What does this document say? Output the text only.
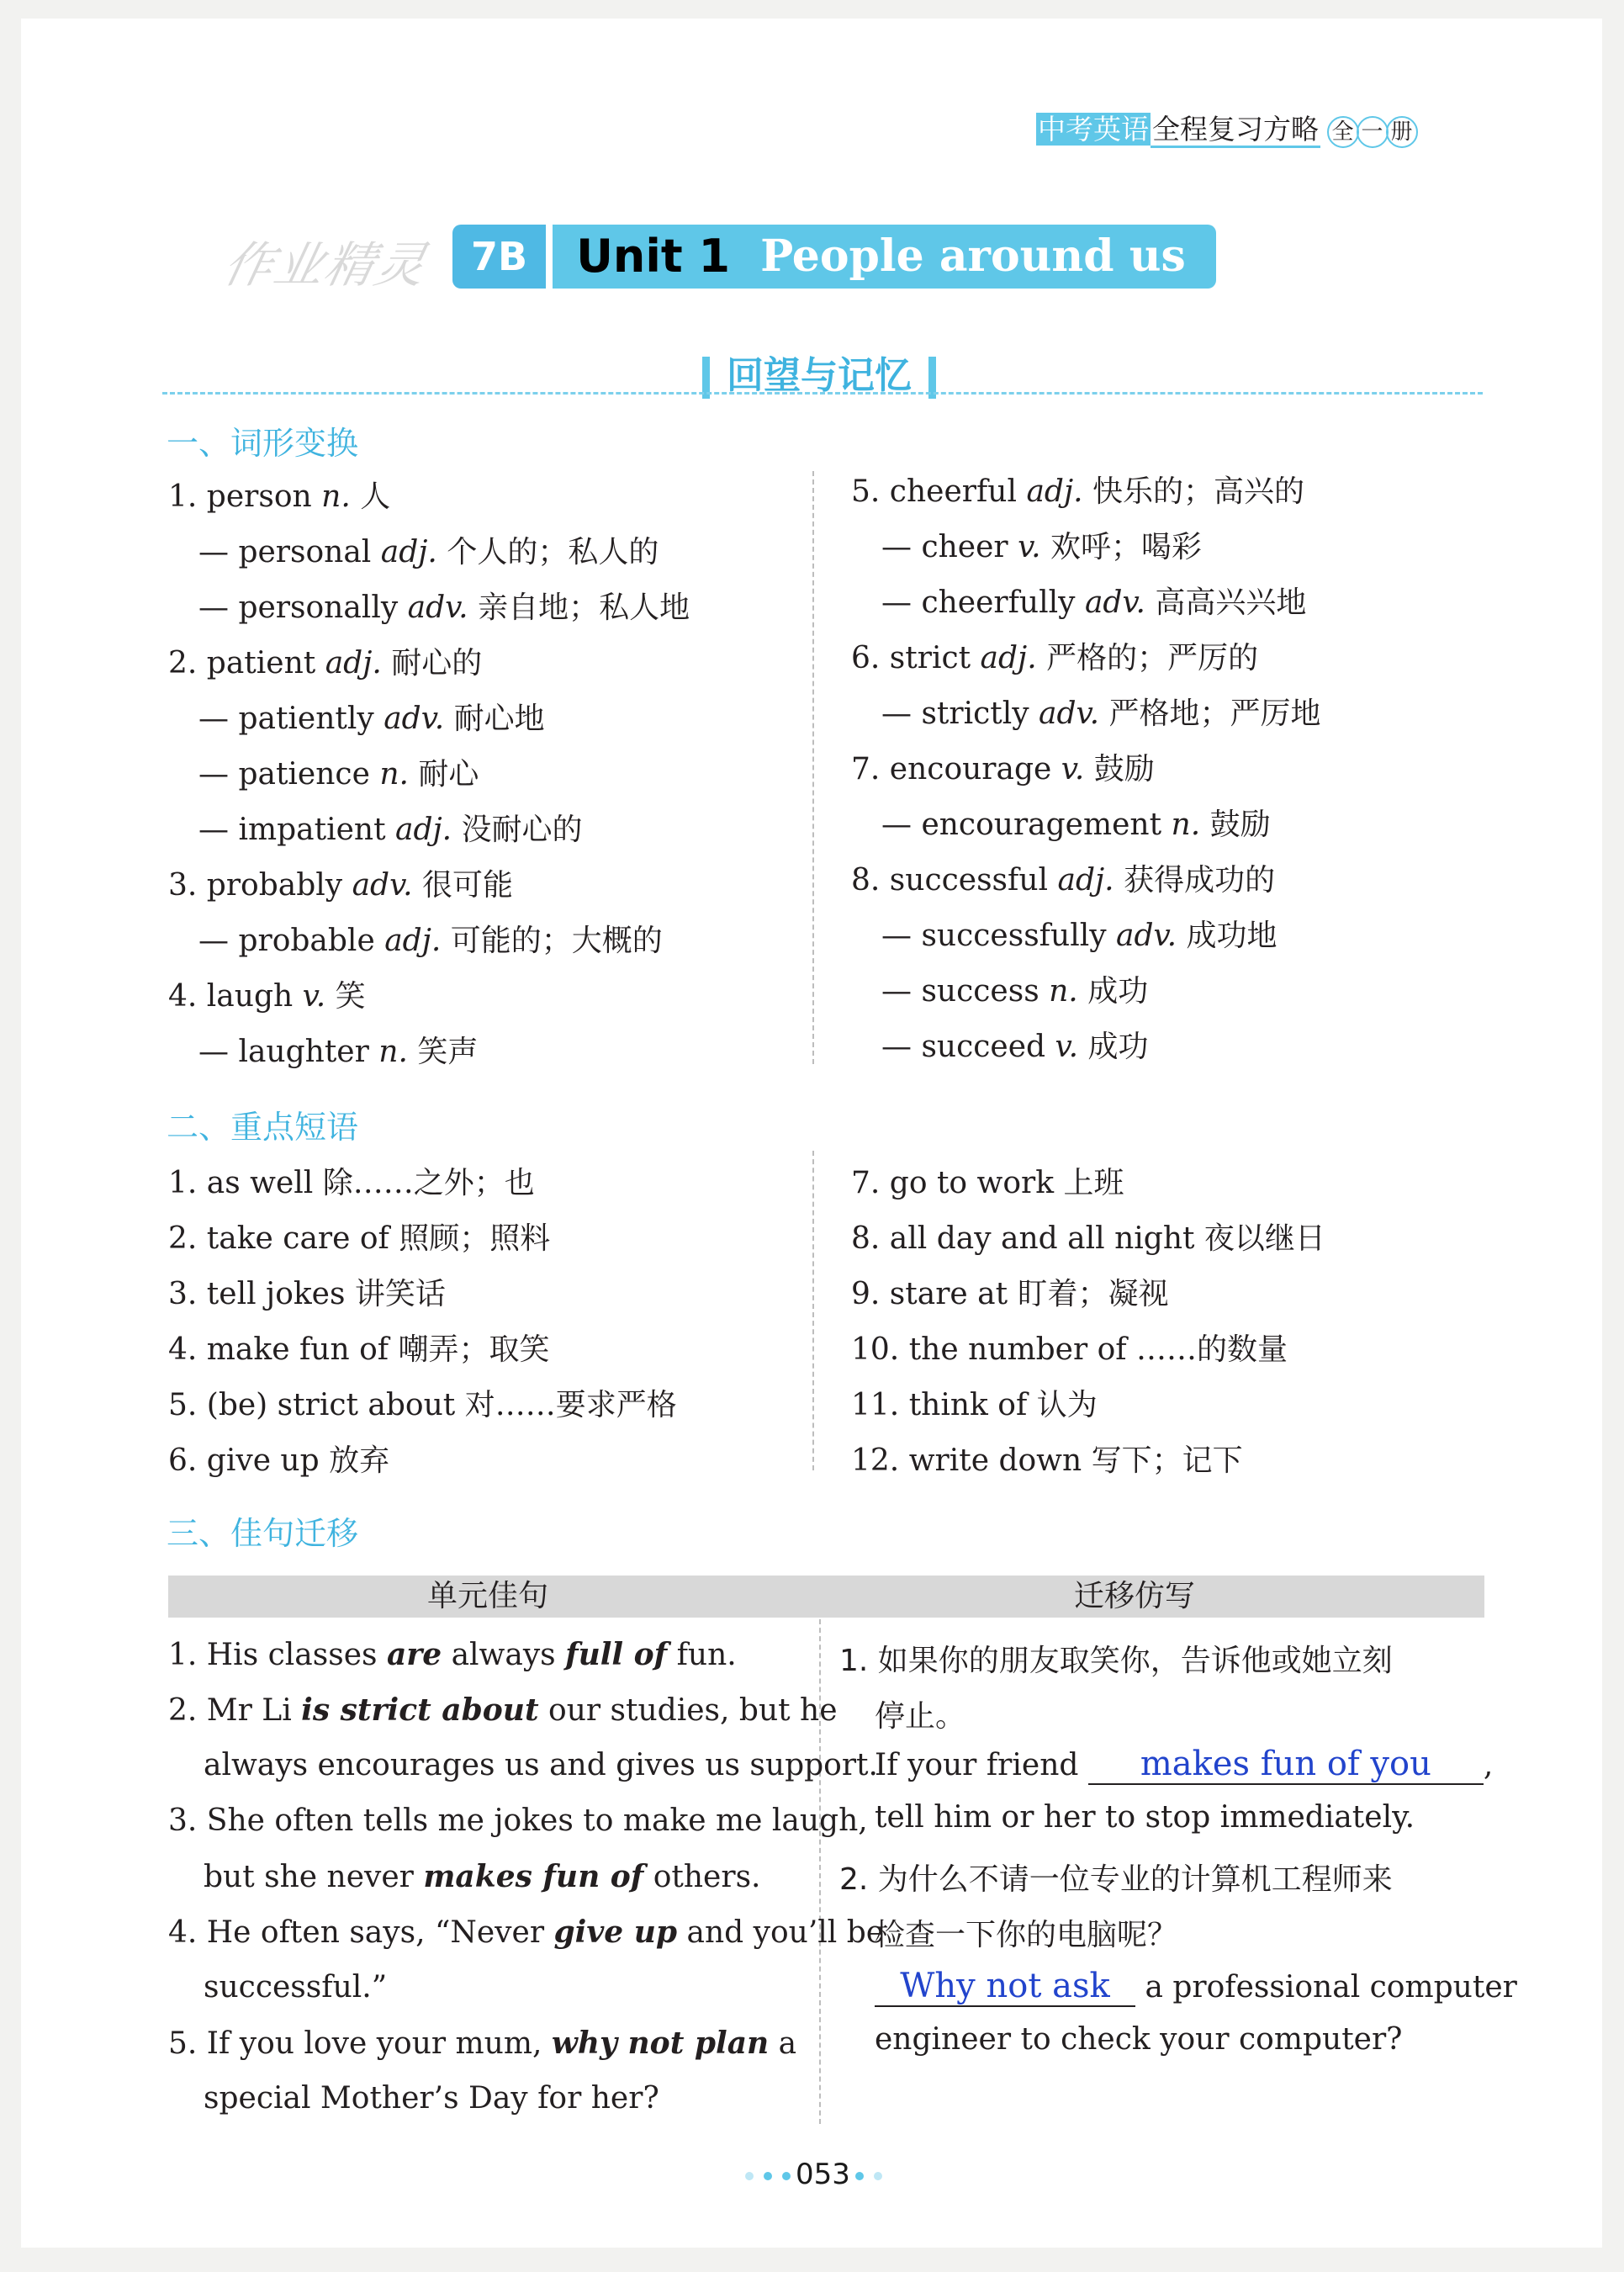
中考英语 全程复习方略 全 一 册
作业精灵 7B	Unit 1 People around us
回望与记忆
一、词形变换
1. person n. 人
— personal adj. 个人的；私人的
— personally adv. 亲自地；私人地
2. patient adj. 耐心的
— patiently adv. 耐心地
— patience n. 耐心
— impatient adj. 没耐心的
3. probably adv. 很可能
— probable adj. 可能的；大概的
4. laugh v. 笑
— laughter n. 笑声
5. cheerful adj. 快乐的；高兴的
— cheer v. 欢呼；喝彩
— cheerfully adv. 高高兴兴地
6. strict adj. 严格的；严厉的
— strictly adv. 严格地；严厉地
7. encourage v. 鼓励
— encouragement n. 鼓励
8. successful adj. 获得成功的
— successfully adv. 成功地
— success n. 成功
— succeed v. 成功
二、重点短语
1. as well 除……之外；也
2. take care of 照顾；照料
3. tell jokes 讲笑话
4. make fun of 嘲弄；取笑
5. (be) strict about 对……要求严格
6. give up 放弃
7. go to work 上班
8. all day and all night 夜以继日
9. stare at 盯着；凝视
10. the number of ……的数量
11. think of 认为
12. write down 写下；记下
三、佳句迁移
单元佳句	迁移仿写
1. His classes are always full of fun.
2. Mr Li is strict about our studies, but he
always encourages us and gives us support.
3. She often tells me jokes to make me laugh,
but she never makes fun of others.
4. He often says, “Never give up and you’ll be
successful.”
5. If you love your mum, why not plan a
special Mother’s Day for her?
1. 如果你的朋友取笑你，告诉他或她立刻
停止。
If your friend makes fun of you ,
tell him or her to stop immediately.
2. 为什么不请一位专业的计算机工程师来
检查一下你的电脑呢？
Why not ask a professional computer
engineer to check your computer?
053
